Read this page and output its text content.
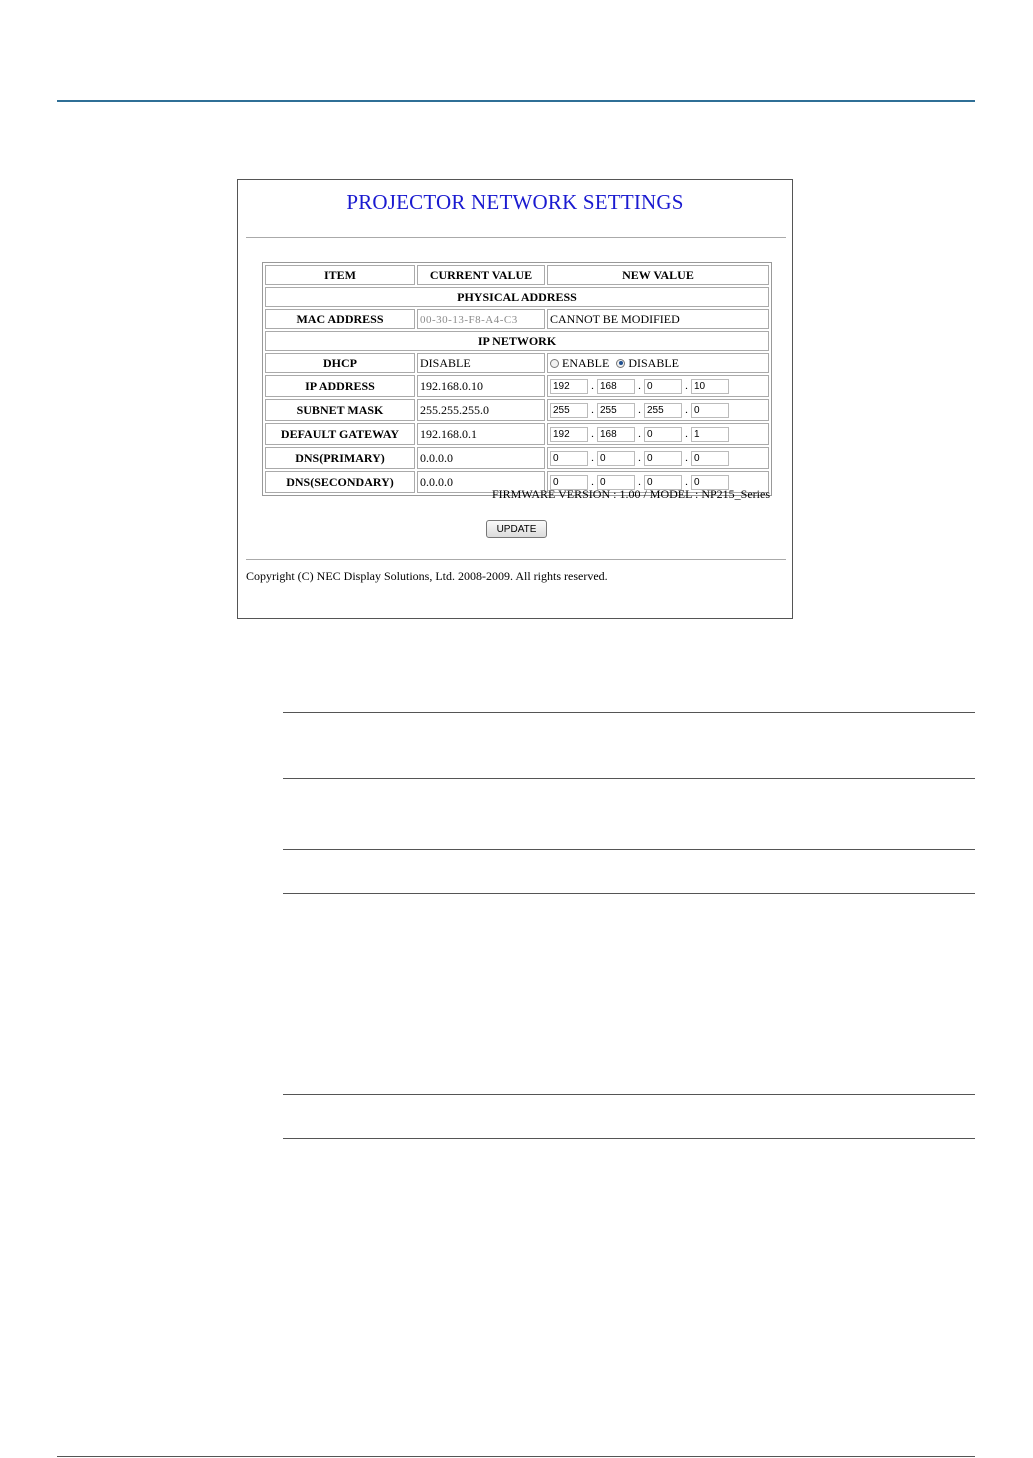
PROJECTOR NETWORK SETTINGS
ITEM	CURRENT VALUE	NEW VALUE
PHYSICAL ADDRESS		
MAC ADDRESS	00-30-13-F8-A4-C3	CANNOT BE MODIFIED
IP NETWORK		
DHCP	DISABLE	ENABLE DISABLE
IP ADDRESS	192.168.0.10	192 . 168 . 0 . 10
SUBNET MASK	255.255.255.0	255 . 255 . 255 . 0
DEFAULT GATEWAY	192.168.0.1	192 . 168 . 0 . 1
DNS(PRIMARY)	0.0.0.0	0 . 0 . 0 . 0
DNS(SECONDARY)	0.0.0.0	0 . 0 . 0 . 0
FIRMWARE VERSION : 1.00 / MODEL : NP215_Series
UPDATE
Copyright (C) NEC Display Solutions, Ltd. 2008-2009. All rights reserved.
